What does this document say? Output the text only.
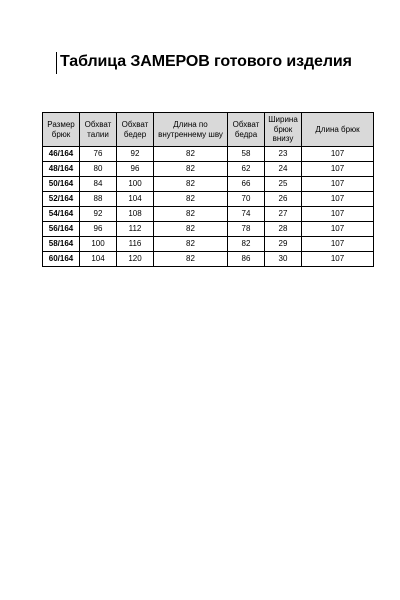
Таблица ЗАМЕРОВ готового изделия
Размер брюк	Обхват талии	Обхват бедер	Длина по внутреннему шву	Обхват бедра	Ширина брюк внизу	Длина брюк
46/164	76	92	82	58	23	107
48/164	80	96	82	62	24	107
50/164	84	100	82	66	25	107
52/164	88	104	82	70	26	107
54/164	92	108	82	74	27	107
56/164	96	112	82	78	28	107
58/164	100	116	82	82	29	107
60/164	104	120	82	86	30	107
